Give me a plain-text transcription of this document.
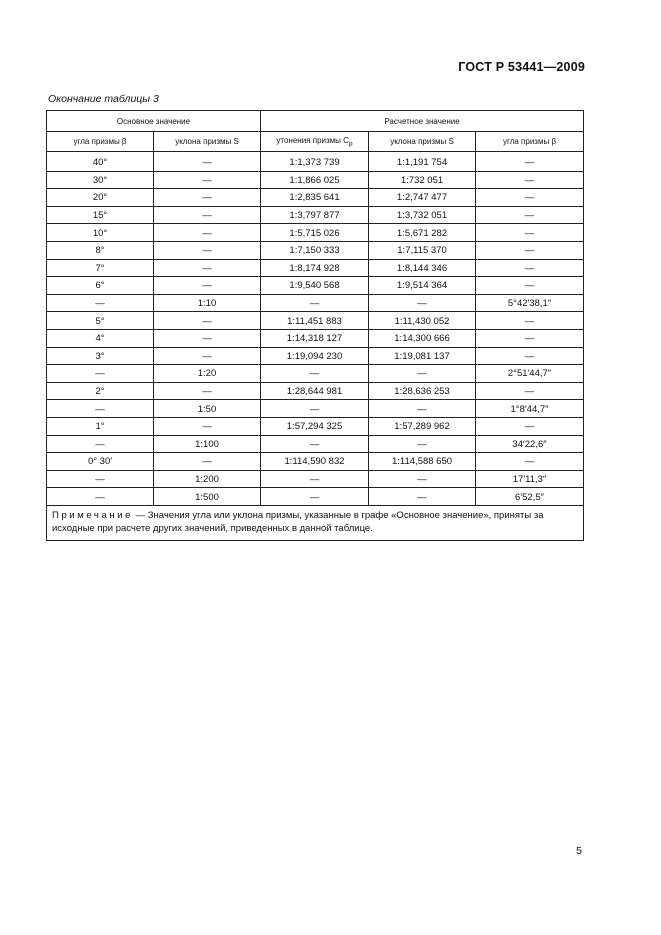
ГОСТ Р 53441—2009
Окончание таблицы 3
Основное значение		Расчетное значение		
угла призмы β	уклона призмы S	утонения призмы $C_p$	уклона призмы S	угла призмы β
40°	—	1:1,373 739	1:1,191 754	—
30°	—	1:1,866 025	1:732 051	—
20°	—	1:2,835 641	1:2,747 477	—
15°	—	1:3,797 877	1:3,732 051	—
10°	—	1:5,715 026	1:5,671 282	—
8°	—	1:7,150 333	1:7,115 370	—
7°	—	1:8,174 928	1:8,144 346	—
6°	—	1:9,540 568	1:9,514 364	—
—	1:10	—	—	5°42′38,1″
5°	—	1:11,451 883	1:11,430 052	—
4°	—	1:14,318 127	1:14,300 666	—
3°	—	1:19,094 230	1:19,081 137	—
—	1:20	—	—	2°51′44,7″
2°	—	1:28,644 981	1:28,636 253	—
—	1:50	—	—	1°8′44,7″
1°	—	1:57,294 325	1:57,289 962	—
—	1:100	—	—	34′22,6″
0° 30′	—	1:114,590 832	1:114,588 650	—
—	1:200	—	—	17′11,3″
—	1:500	—	—	6′52,5″
Примечание — Значения угла или уклона призмы, указанные в графе «Основное значение», приняты за исходные при расчете других значений, приведенных в данной таблице.				
5
